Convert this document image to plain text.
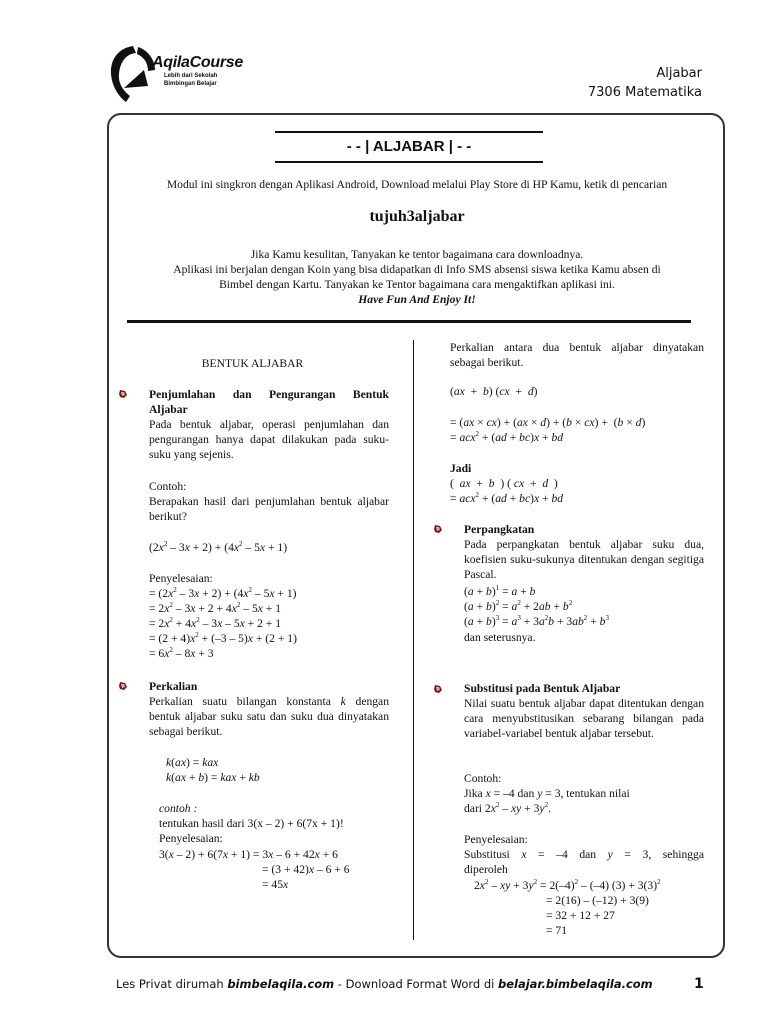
AqilaCourse
Lebih dari Sekolah
Bimbingan Belajar
Aljabar
7306 Matematika
- - | ALJABAR | - -
Modul ini singkron dengan Aplikasi Android, Download melalui Play Store di HP Kamu, ketik di pencarian
tujuh3aljabar
Jika Kamu kesulitan, Tanyakan ke tentor bagaimana cara downloadnya.
Aplikasi ini berjalan dengan Koin yang bisa didapatkan di Info SMS absensi siswa ketika Kamu absen di
Bimbel dengan Kartu. Tanyakan ke Tentor bagaimana cara mengaktifkan aplikasi ini.
Have Fun And Enjoy It!
BENTUK ALJABAR
Penjumlahan dan Pengurangan Bentuk
Aljabar
Pada bentuk aljabar, operasi penjumlahan dan pengurangan hanya dapat dilakukan pada suku-suku yang sejenis.
Contoh:
Berapakan hasil dari penjumlahan bentuk aljabar berikut?
$(2x^2 - 3x + 2) + (4x^2 - 5x + 1)$
Penyelesaian:
= $(2x^2 - 3x + 2) + (4x^2 - 5x + 1)$
= $2x^2 - 3x + 2 + 4x^2 - 5x + 1$
= $2x^2 + 4x^2 - 3x - 5x + 2 + 1$
= $(2 + 4)x^2 + (-3 - 5)x + (2 + 1)$
= $6x^2 - 8x + 3$
Perkalian
Perkalian suatu bilangan konstanta k dengan bentuk aljabar suku satu dan suku dua dinyatakan sebagai berikut.
k(ax) = kax
k(ax + b) = kax + kb
contoh :
tentukan hasil dari 3(x – 2) + 6(7x + 1)!
Penyelesaian:
3(x – 2) + 6(7x + 1) = 3x – 6 + 42x + 6
= (3 + 42)x – 6 + 6
= 45x
Perkalian antara dua bentuk aljabar dinyatakan sebagai berikut.
(ax  +  b) (cx  +  d)
= (ax × cx) + (ax × d) + (b × cx) +  (b × d)
= acx$^2$ + (ad + bc)x + bd
Jadi
(  ax  +  b  ) ( cx  +  d  )
= acx$^2$ + (ad + bc)x + bd
Perpangkatan
Pada perpangkatan bentuk aljabar suku dua, koefisien suku-sukunya ditentukan dengan segitiga Pascal.
$(a + b)^1 = a + b$
$(a + b)^2 = a^2 + 2ab + b^2$
$(a + b)^3 = a^3 + 3a^2b + 3ab^2 + b^3$
dan seterusnya.
Substitusi pada Bentuk Aljabar
Nilai suatu bentuk aljabar dapat ditentukan dengan cara menyubstitusikan sebarang bilangan pada variabel-variabel bentuk aljabar tersebut.
Contoh:
Jika x = –4 dan y = 3, tentukan nilai
dari $2x^2$ – xy + $3y^2$.
Penyelesaian:
Substitusi  x  =  –4  dan  y  =  3,  sehingga diperoleh
$2x^2$ – xy + $3y^2 = 2(-4)^2 - (-4) (3) + 3(3)^2$
= 2(16) – (–12) + 3(9)
= 32 + 12 + 27
= 71
Les Privat dirumah bimbelaqila.com - Download Format Word di belajar.bimbelaqila.com	1
